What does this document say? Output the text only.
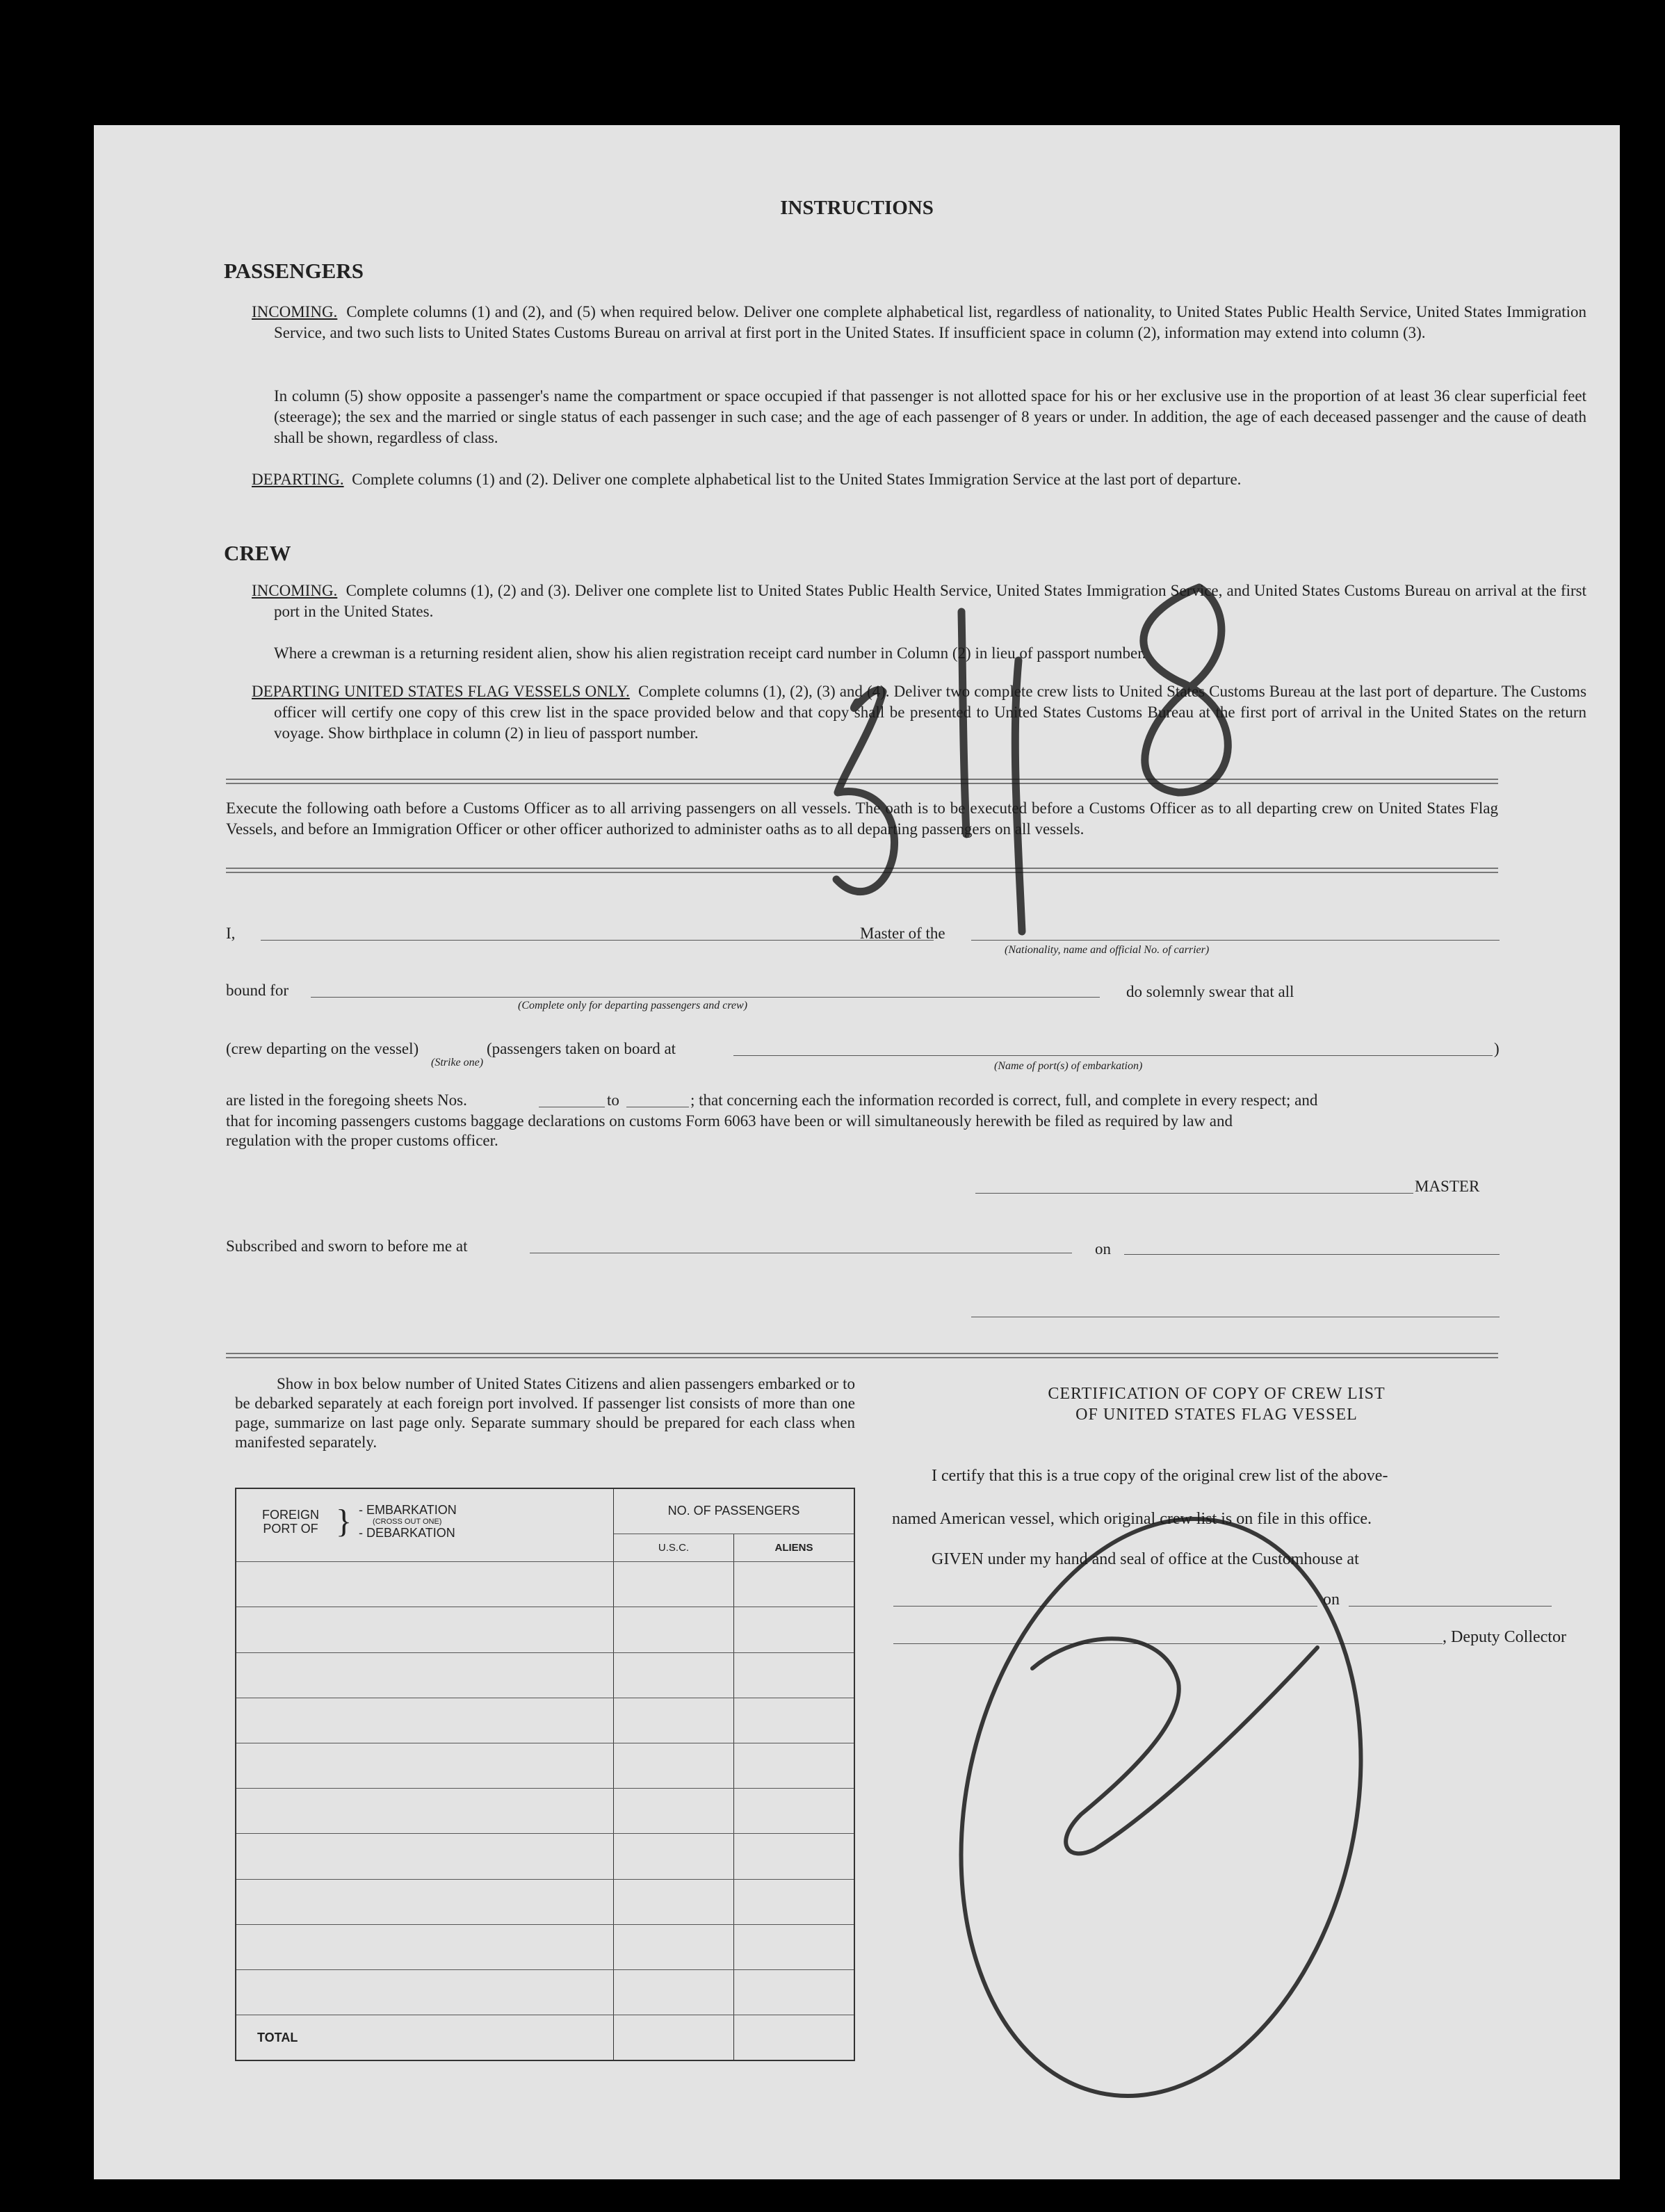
INSTRUCTIONS
PASSENGERS
INCOMING. Complete columns (1) and (2), and (5) when required below. Deliver one complete alphabetical list, regardless of nationality, to United States Public Health Service, United States Immigration Service, and two such lists to United States Customs Bureau on arrival at first port in the United States. If insufficient space in column (2), information may extend into column (3).
In column (5) show opposite a passenger's name the compartment or space occupied if that passenger is not allotted space for his or her exclusive use in the proportion of at least 36 clear superficial feet (steerage); the sex and the married or single status of each passenger in such case; and the age of each passenger of 8 years or under. In addition, the age of each deceased passenger and the cause of death shall be shown, regardless of class.
DEPARTING. Complete columns (1) and (2). Deliver one complete alphabetical list to the United States Immigration Service at the last port of departure.
CREW
INCOMING. Complete columns (1), (2) and (3). Deliver one complete list to United States Public Health Service, United States Immigration Service, and United States Customs Bureau on arrival at the first port in the United States.
Where a crewman is a returning resident alien, show his alien registration receipt card number in Column (2) in lieu of passport number.
DEPARTING UNITED STATES FLAG VESSELS ONLY. Complete columns (1), (2), (3) and (4). Deliver two complete crew lists to United States Customs Bureau at the last port of departure. The Customs officer will certify one copy of this crew list in the space provided below and that copy shall be presented to United States Customs Bureau at the first port of arrival in the United States on the return voyage. Show birthplace in column (2) in lieu of passport number.
Execute the following oath before a Customs Officer as to all arriving passengers on all vessels. The oath is to be executed before a Customs Officer as to all departing crew on United States Flag Vessels, and before an Immigration Officer or other officer authorized to administer oaths as to all departing passengers on all vessels.
I,	Master of the
(Nationality, name and official No. of carrier)
bound for	do solemnly swear that all
(Complete only for departing passengers and crew)
(crew departing on the vessel)	(passengers taken on board at	)
(Strike one)	(Name of port(s) of embarkation)
are listed in the foregoing sheets Nos.	to	; that concerning each the information recorded is correct, full, and complete in every respect; and
that for incoming passengers customs baggage declarations on customs Form 6063 have been or will simultaneously herewith be filed as required by law and
regulation with the proper customs officer.
MASTER
Subscribed and sworn to before me at	on
Show in box below number of United States Citizens and alien passengers embarked or to be debarked separately at each foreign port involved. If passenger list consists of more than one page, summarize on last page only. Separate summary should be prepared for each class when manifested separately.
FOREIGN PORT OF } - EMBARKATION
(CROSS OUT ONE)
- DEBARKATION	NO. OF PASSENGERS	
	U.S.C.	ALIENS

TOTAL		
CERTIFICATION OF COPY OF CREW LIST
OF UNITED STATES FLAG VESSEL
I certify that this is a true copy of the original crew list of the above-
named American vessel, which original crew list is on file in this office.
GIVEN under my hand and seal of office at the Customhouse at
on
, Deputy Collector
